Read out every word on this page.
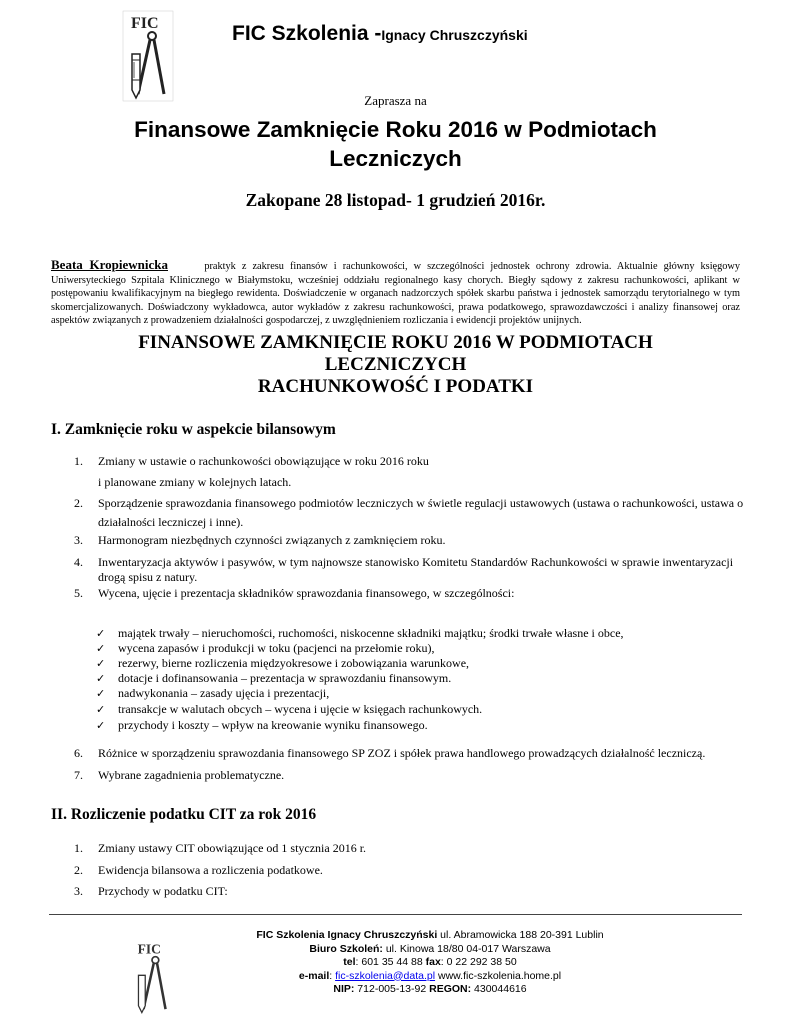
FIC	FIC Szkolenia -Ignacy Chruszczyński
Zaprasza na
Finansowe Zamknięcie Roku 2016 w Podmiotach
Leczniczych
Zakopane 28 listopad- 1 grudzień 2016r.
Beata Kropiewnicka	praktyk z zakresu finansów i rachunkowości, w szczególności jednostek ochrony zdrowia. Aktualnie główny księgowy Uniwersyteckiego Szpitala Klinicznego w Białymstoku, wcześniej oddziału regionalnego kasy chorych. Biegły sądowy z zakresu rachunkowości, aplikant w postępowaniu kwalifikacyjnym na biegłego rewidenta. Doświadczenie w organach nadzorczych spółek skarbu państwa i jednostek samorządu terytorialnego w tym skomercjalizowanych. Doświadczony wykładowca, autor wykładów z zakresu rachunkowości, prawa podatkowego, sprawozdawczości i analizy finansowej oraz aspektów związanych z prowadzeniem działalności gospodarczej, z uwzględnieniem rozliczania i ewidencji projektów unijnych.
FINANSOWE ZAMKNIĘCIE ROKU 2016 W PODMIOTACH
LECZNICZYCH
RACHUNKOWOŚĆ I PODATKI
I. Zamknięcie roku w aspekcie bilansowym
1.	Zmiany w ustawie o rachunkowości obowiązujące w roku 2016 roku
i planowane zmiany w kolejnych latach.
2.	Sporządzenie sprawozdania finansowego podmiotów leczniczych w świetle regulacji ustawowych (ustawa o rachunkowości, ustawa o
działalności leczniczej i inne).
3.	Harmonogram niezbędnych czynności związanych z zamknięciem roku.
4.	Inwentaryzacja aktywów i pasywów, w tym najnowsze stanowisko Komitetu Standardów Rachunkowości w sprawie inwentaryzacji
drogą spisu z natury.
5.	Wycena, ujęcie i prezentacja składników sprawozdania finansowego, w szczególności:
✓ majątek trwały – nieruchomości, ruchomości, niskocenne składniki majątku; środki trwałe własne i obce,
✓ wycena zapasów i produkcji w toku (pacjenci na przełomie roku),
✓ rezerwy, bierne rozliczenia międzyokresowe i zobowiązania warunkowe,
✓ dotacje i dofinansowania – prezentacja w sprawozdaniu finansowym.
✓ nadwykonania – zasady ujęcia i prezentacji,
✓ transakcje w walutach obcych – wycena i ujęcie w księgach rachunkowych.
✓ przychody i koszty – wpływ na kreowanie wyniku finansowego.
6.	Różnice w sporządzeniu sprawozdania finansowego SP ZOZ i spółek prawa handlowego prowadzących działalność leczniczą.
7.	Wybrane zagadnienia problematyczne.
II. Rozliczenie podatku CIT za rok 2016
1.	Zmiany ustawy CIT obowiązujące od 1 stycznia 2016 r.
2.	Ewidencja bilansowa a rozliczenia podatkowe.
3.	Przychody w podatku CIT:
FIC
FIC Szkolenia Ignacy Chruszczyński ul. Abramowicka 188 20-391 Lublin
Biuro Szkoleń: ul. Kinowa 18/80 04-017 Warszawa
tel: 601 35 44 88 fax: 0 22 292 38 50
e-mail: fic-szkolenia@data.pl www.fic-szkolenia.home.pl
NIP: 712-005-13-92 REGON: 430044616
